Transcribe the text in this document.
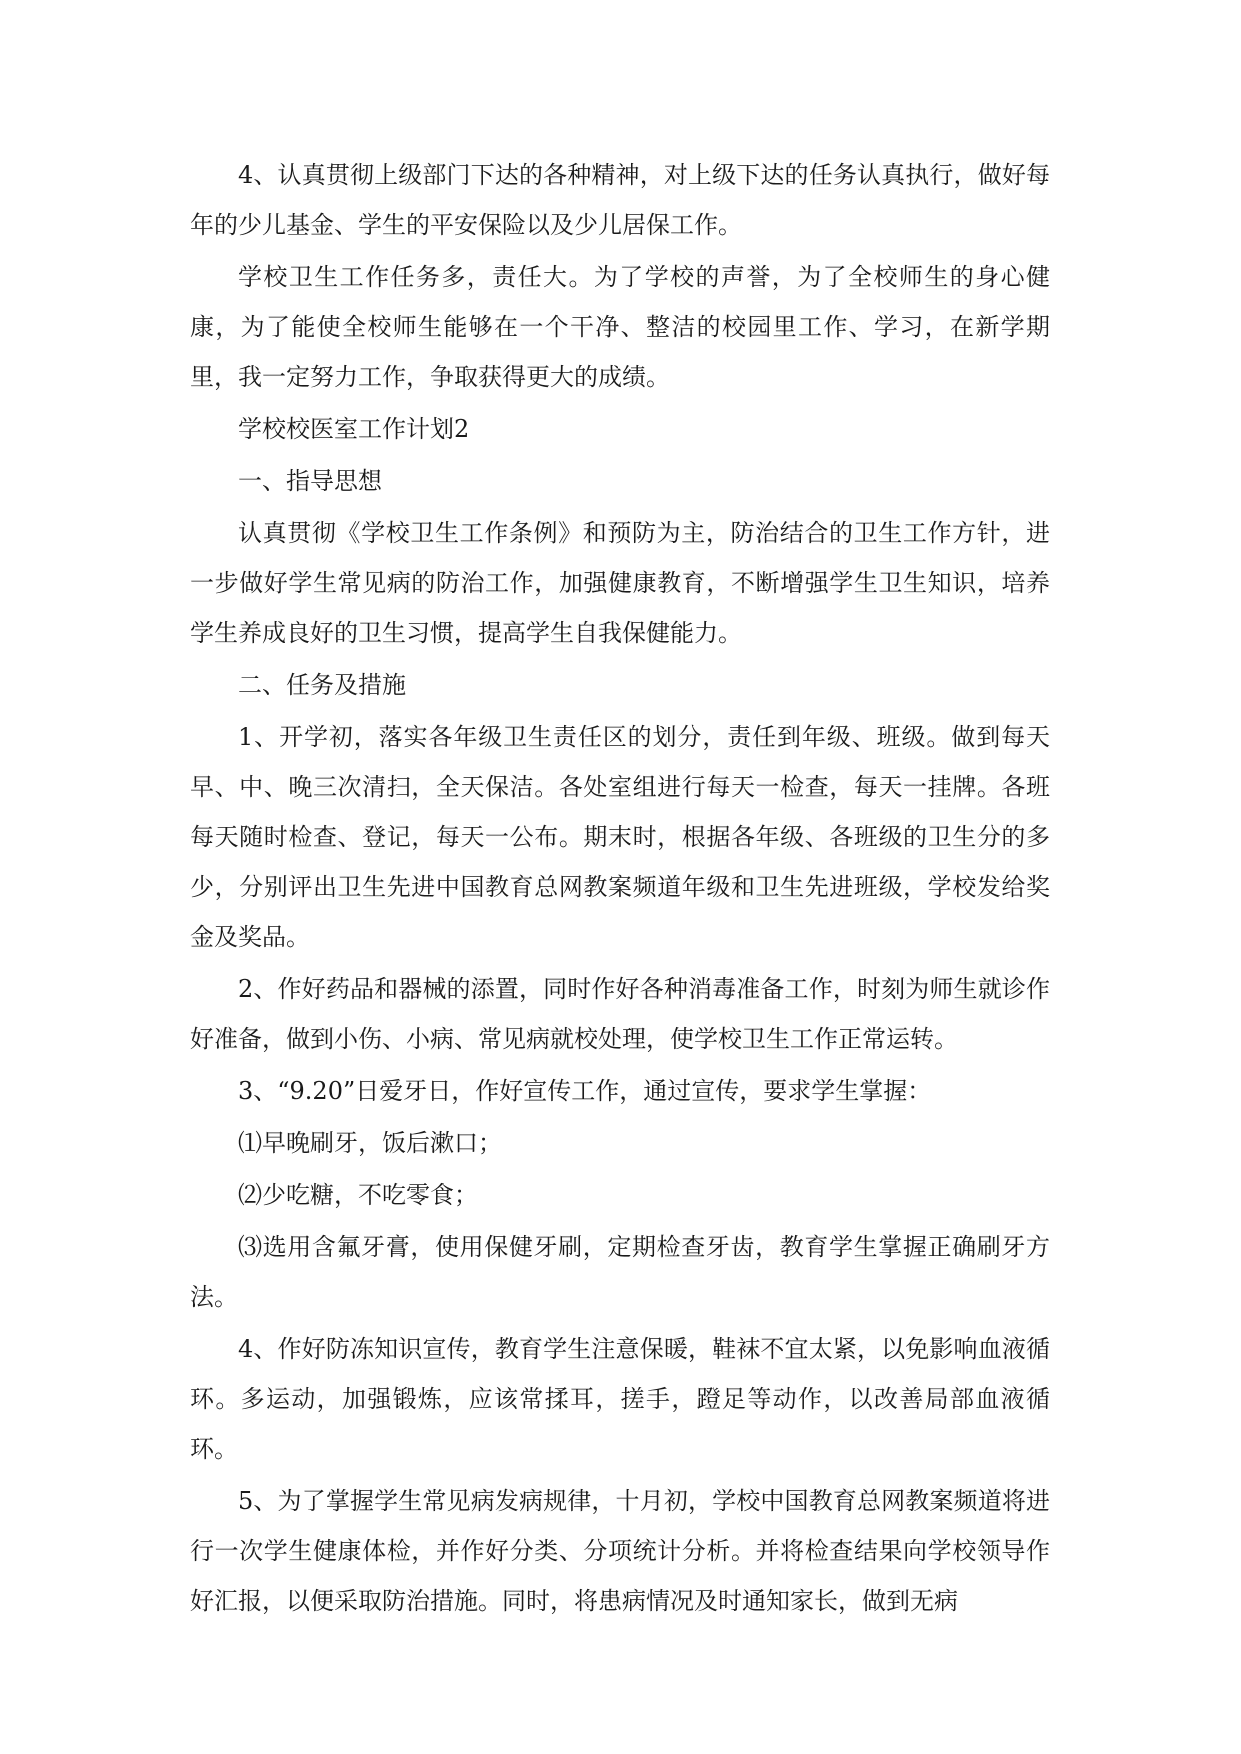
4、认真贯彻上级部门下达的各种精神，对上级下达的任务认真执行，做好每年的少儿基金、学生的平安保险以及少儿居保工作。

学校卫生工作任务多，责任大。为了学校的声誉，为了全校师生的身心健康，为了能使全校师生能够在一个干净、整洁的校园里工作、学习，在新学期里，我一定努力工作，争取获得更大的成绩。

学校校医室工作计划2

一、指导思想

认真贯彻《学校卫生工作条例》和预防为主，防治结合的卫生工作方针，进一步做好学生常见病的防治工作，加强健康教育，不断增强学生卫生知识，培养学生养成良好的卫生习惯，提高学生自我保健能力。

二、任务及措施

1、开学初，落实各年级卫生责任区的划分，责任到年级、班级。做到每天早、中、晚三次清扫，全天保洁。各处室组进行每天一检查，每天一挂牌。各班每天随时检查、登记，每天一公布。期末时，根据各年级、各班级的卫生分的多少，分别评出卫生先进中国教育总网教案频道年级和卫生先进班级，学校发给奖金及奖品。

2、作好药品和器械的添置，同时作好各种消毒准备工作，时刻为师生就诊作好准备，做到小伤、小病、常见病就校处理，使学校卫生工作正常运转。

3、“9.20”日爱牙日，作好宣传工作，通过宣传，要求学生掌握：

⑴早晚刷牙，饭后漱口；

⑵少吃糖，不吃零食；

⑶选用含氟牙膏，使用保健牙刷，定期检查牙齿，教育学生掌握正确刷牙方法。

4、作好防冻知识宣传，教育学生注意保暖，鞋袜不宜太紧，以免影响血液循环。多运动，加强锻炼，应该常揉耳，搓手，蹬足等动作，以改善局部血液循环。

5、为了掌握学生常见病发病规律，十月初，学校中国教育总网教案频道将进行一次学生健康体检，并作好分类、分项统计分析。并将检查结果向学校领导作好汇报，以便采取防治措施。同时，将患病情况及时通知家长，做到无病
